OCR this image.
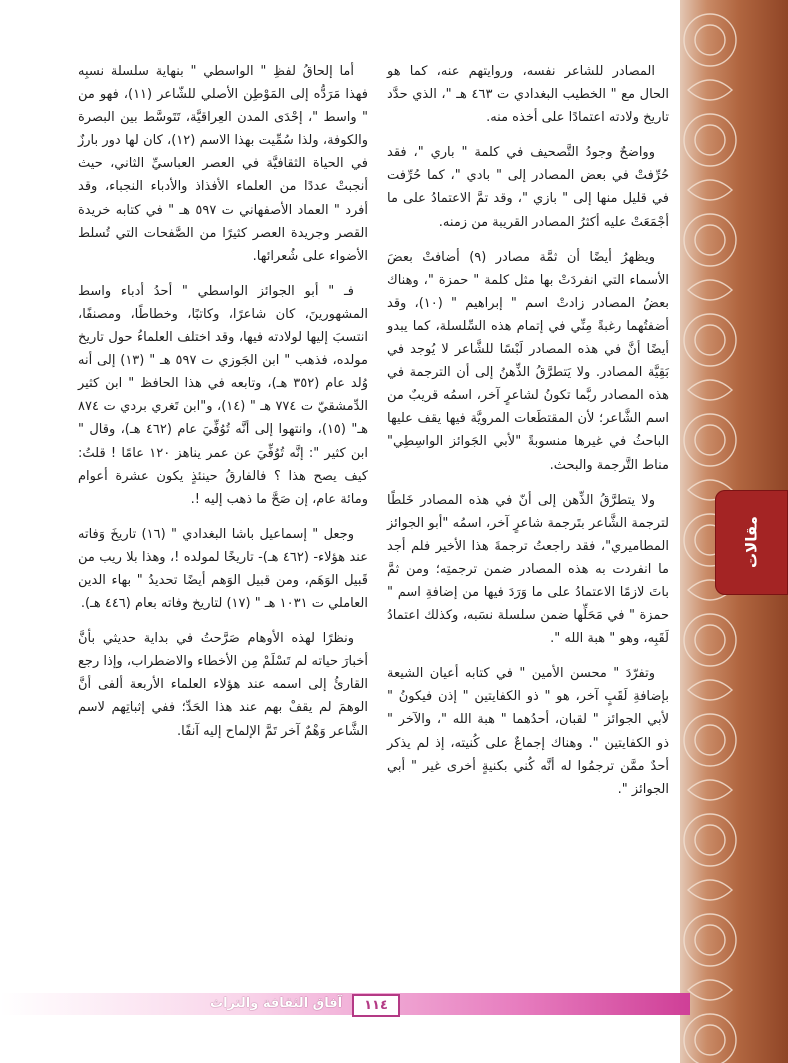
مقالات

المصادر للشاعر نفسه، وروايتهم عنه، كما هو الحال مع " الخطيب البغدادي ت ٤٦٣ هـ "، الذي حدَّد تاريخ ولادته اعتمادًا على أخذه منه.

وواضحٌ وجودُ التَّصحيف في كلمة " باري "، فقد حُرِّفتْ في بعض المصادر إلى " بادي "، كما حُرِّفت في قليل منها إلى " بازي "، وقد تمَّ الاعتمادُ على ما أجْمَعَتْ عليه أكثرُ المصادر القريبة من زمنه.

ويظهرُ أيضًا أن ثمَّة مصادر (٩) أضافتْ بعضَ الأسماء التي انفردَتْ بها مثل كلمة " حمزة "، وهناك بعضُ المصادر زادتْ اسم " إبراهيم " (١٠)، وقد أضفتُهما رغبةً مِنِّي في إتمام هذه السِّلسلة، كما يبدو أيضًا أنَّ في هذه المصادر لَبْسًا للشَّاعر لا يُوجد في بَقِيَّة المصادر. ولا يَتطرَّقُ الذِّهنُ إلى أن الترجمة في هذه المصادر ربَّما تكونُ لشاعرٍ آخر، اسمُه قريبٌ من اسم الشَّاعر؛ لأن المقتطَعات المرويَّة فيها يقف عليها الباحثُ في غيرها منسوبةً "لأبي الجَوائز الواسِطِي" مناط التَّرجمة والبحث.

ولا يتطرَّقُ الذِّهن إلى أنّ في هذه المصادر خَلطًا لترجمة الشَّاعر بتَرجمة شاعرٍ آخر، اسمُه "أبو الجوائز المطاميري"، فقد راجعتُ ترجمةَ هذا الأخير فلم أجد ما انفردت به هذه المصادر ضمن ترجمتِه؛ ومن ثمَّ باتَ لازمًا الاعتمادُ على ما وَرَدَ فيها من إضافةِ اسم " حمزة " في مَحَلِّها ضمن سلسلة نسَبه، وكذلك اعتمادُ لَقَبِه، وهو " هبة الله ".

وتفرّدَ " محسن الأمين " في كتابه أعيان الشيعة بإضافةِ لَقَبٍ آخر، هو " ذو الكفايتين " إذن فيكونُ " لأبي الجوائز " لقبان، أحدُهما " هبة الله "، والآخر " ذو الكفايتين ". وهناك إجماعٌ على كُنيته، إذ لم يذكر أحدٌ ممَّن ترجمُوا له أنَّه كُني بكنيةٍ أخرى غير " أبي الجوائز ".

أما إلحاقُ لفظِ " الواسطي " بنهاية سلسلة نسبِه فهذا مَرَدُّه إلى المَوْطِن الأصلي للشّاعر (١١)، فهو من " واسط "، إحْدَى المدن العِراقيَّة، تَتَوسَّط بين البصرة والكوفة، ولذا سُمِّيت بهذا الاسم (١٢)، كان لها دور بارزٌ في الحياة الثقافيَّة في العصر العباسيِّ الثاني، حيث أنجبتْ عددًا من العلماء الأفذاذ والأدباء النجباء، وقد أفرد " العماد الأصفهاني ت ٥٩٧ هـ " في كتابه خريدة القصر وجريدة العصر كثيرًا من الصَّفحات التي تُسلط الأضواء على شُعرائها.

فـ " أبو الجوائز الواسطي " أحدُ أدباء واسط المشهورينَ، كان شاعرًا، وكاتبًا، وخطاطًا، ومصنفًا، انتسبَ إليها لولادته فيها، وقد اختلف العلماءُ حول تاريخ مولده، فذهب " ابن الجَوزي ت ٥٩٧ هـ " (١٣) إلى أنه وُلد عام (٣٥٢ هـ)، وتابعه في هذا الحافظ " ابن كثير الدِّمشقيّ ت ٧٧٤ هـ " (١٤)، و"ابن تَغري بردي ت ٨٧٤ هـ" (١٥)، وانتهوا إلى أنَّه تُوُفِّيَ عام (٤٦٢ هـ)، وقال " ابن كثير ": إنَّه تُوُفِّيَ عن عمر يناهز ١٢٠ عامًا ! قلتُ: كيف يصح هذا ؟ فالفارقُ حينئذٍ يكون عشرة أعوام ومائة عام، إن صَحَّ ما ذهب إليه !.

وجعل " إسماعيل باشا البغدادي " (١٦) تاريخَ وَفاته عند هؤلاء- (٤٦٢ هـ)- تاريخًا لمولده !، وهذا بلا ريب من قَبيل الوَهَم، ومن قبيل الوَهم أيضًا تحديدُ " بهاء الدين العاملي ت ١٠٣١ هـ " (١٧) لتاريخ وفاته بعام (٤٤٦ هـ).

ونظرًا لهذه الأوهام صَرَّحتُ في بداية حديثي بأنَّ أخبارَ حياته لم تَسْلَمْ مِن الأخطاء والاضطراب، وإذا رجع القارئُ إلى اسمه عند هؤلاء العلماء الأربعة ألفى أنَّ الوهمَ لم يقفْ بهم عند هذا الحَدِّ؛ ففي إثباتِهم لاسم الشَّاعر وَهْمٌ آخر تَمَّ الإلماح إليه آنفًا.

آفاق الثقافة والتراث	١١٤
